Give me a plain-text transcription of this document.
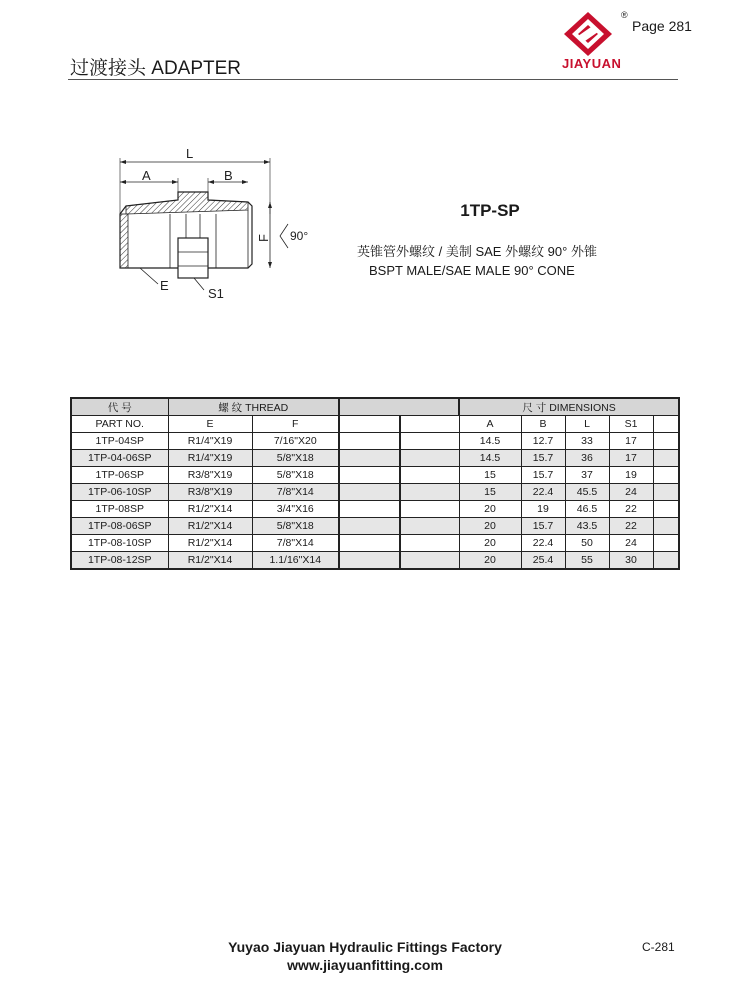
®
Page 281
JIAYUAN
过渡接头 ADAPTER
L
A	B
E
S1
F 90°
1TP-SP
英锥管外螺纹 / 美制 SAE 外螺纹 90° 外锥
BSPT MALE/SAE MALE 90° CONE
代 号	螺 纹 THREAD				尺 寸 DIMENSIONS				
PART NO.	E	F			A	B	L	S1	
1TP-04SP	R1/4"X19	7/16"X20			14.5	12.7	33	17	
1TP-04-06SP	R1/4"X19	5/8"X18			14.5	15.7	36	17	
1TP-06SP	R3/8"X19	5/8"X18			15	15.7	37	19	
1TP-06-10SP	R3/8"X19	7/8"X14			15	22.4	45.5	24	
1TP-08SP	R1/2"X14	3/4"X16			20	19	46.5	22	
1TP-08-06SP	R1/2"X14	5/8"X18			20	15.7	43.5	22	
1TP-08-10SP	R1/2"X14	7/8"X14			20	22.4	50	24	
1TP-08-12SP	R1/2"X14	1.1/16"X14			20	25.4	55	30	
Yuyao Jiayuan Hydraulic Fittings Factory
www.jiayuanfitting.com
C-281
